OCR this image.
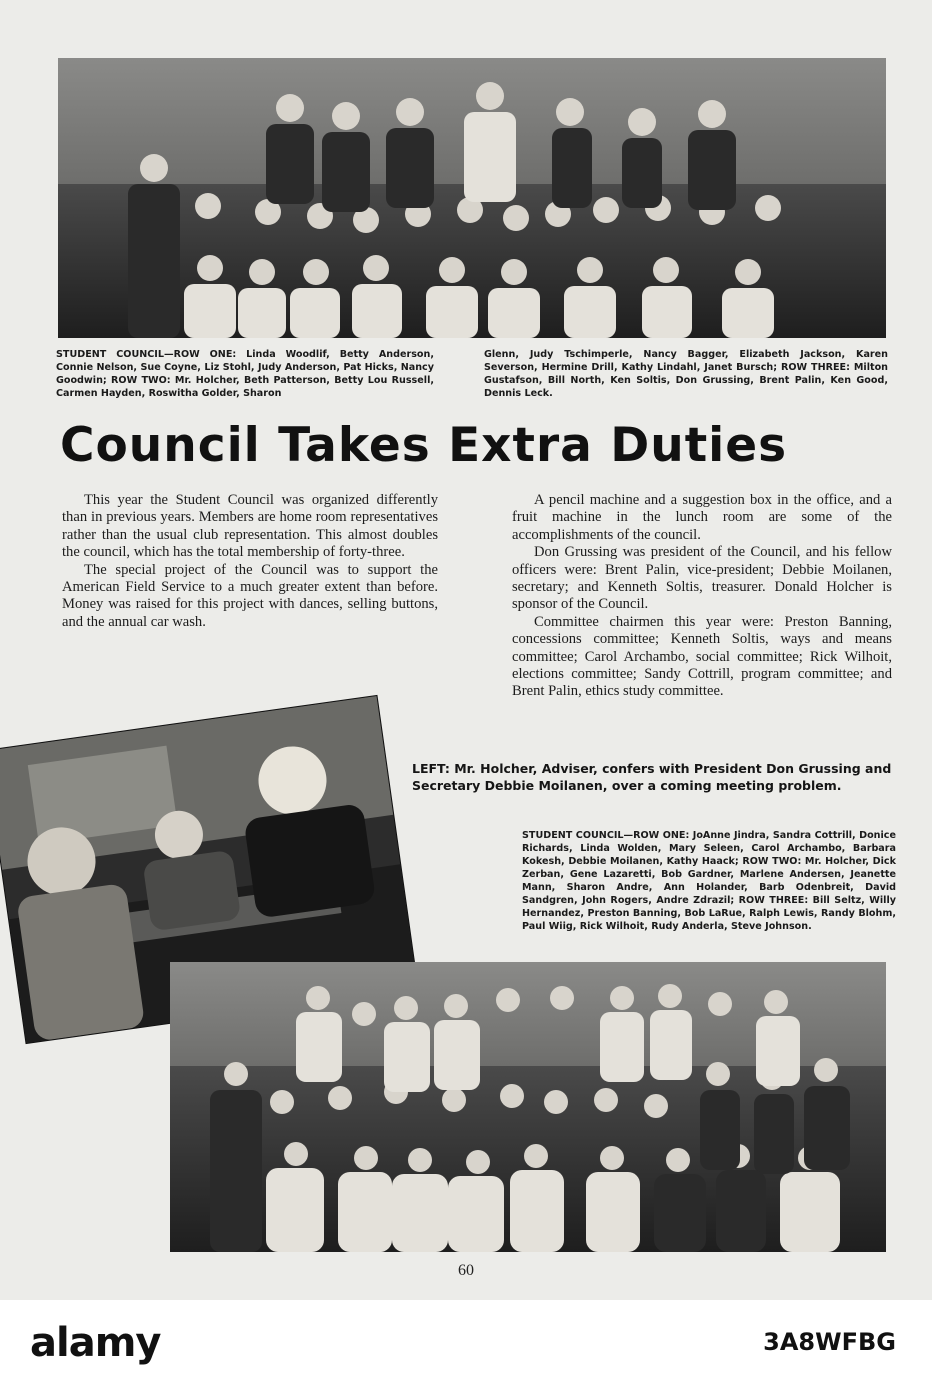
STUDENT COUNCIL—ROW ONE: Linda Woodlif, Betty Anderson, Connie Nelson, Sue Coyne, Liz Stohl, Judy Anderson, Pat Hicks, Nancy Goodwin; ROW TWO: Mr. Holcher, Beth Patterson, Betty Lou Russell, Carmen Hayden, Roswitha Golder, Sharon

Glenn, Judy Tschimperle, Nancy Bagger, Elizabeth Jackson, Karen Severson, Hermine Drill, Kathy Lindahl, Janet Bursch; ROW THREE: Milton Gustafson, Bill North, Ken Soltis, Don Grussing, Brent Palin, Ken Good, Dennis Leck.

Council Takes Extra Duties

This year the Student Council was organized differently than in previous years. Members are home room representatives rather than the usual club representation. This almost doubles the council, which has the total membership of forty-three.

The special project of the Council was to support the American Field Service to a much greater extent than before. Money was raised for this project with dances, selling buttons, and the annual car wash.

A pencil machine and a suggestion box in the office, and a fruit machine in the lunch room are some of the accomplishments of the council.

Don Grussing was president of the Council, and his fellow officers were: Brent Palin, vice-president; Debbie Moilanen, secretary; and Kenneth Soltis, treasurer. Donald Holcher is sponsor of the Council.

Committee chairmen this year were: Preston Banning, concessions committee; Kenneth Soltis, ways and means committee; Carol Archambo, social committee; Rick Wilhoit, elections committee; Sandy Cottrill, program committee; and Brent Palin, ethics study committee.

LEFT: Mr. Holcher, Adviser, confers with President Don Grussing and Secretary Debbie Moilanen, over a coming meeting problem.

STUDENT COUNCIL—ROW ONE: JoAnne Jindra, Sandra Cottrill, Donice Richards, Linda Wolden, Mary Seleen, Carol Archambo, Barbara Kokesh, Debbie Moilanen, Kathy Haack; ROW TWO: Mr. Holcher, Dick Zerban, Gene Lazaretti, Bob Gardner, Marlene Andersen, Jeanette Mann, Sharon Andre, Ann Holander, Barb Odenbreit, David Sandgren, John Rogers, Andre Zdrazil; ROW THREE: Bill Seltz, Willy Hernandez, Preston Banning, Bob LaRue, Ralph Lewis, Randy Blohm, Paul Wiig, Rick Wilhoit, Rudy Anderla, Steve Johnson.

60

alamy	3A8WFBG
